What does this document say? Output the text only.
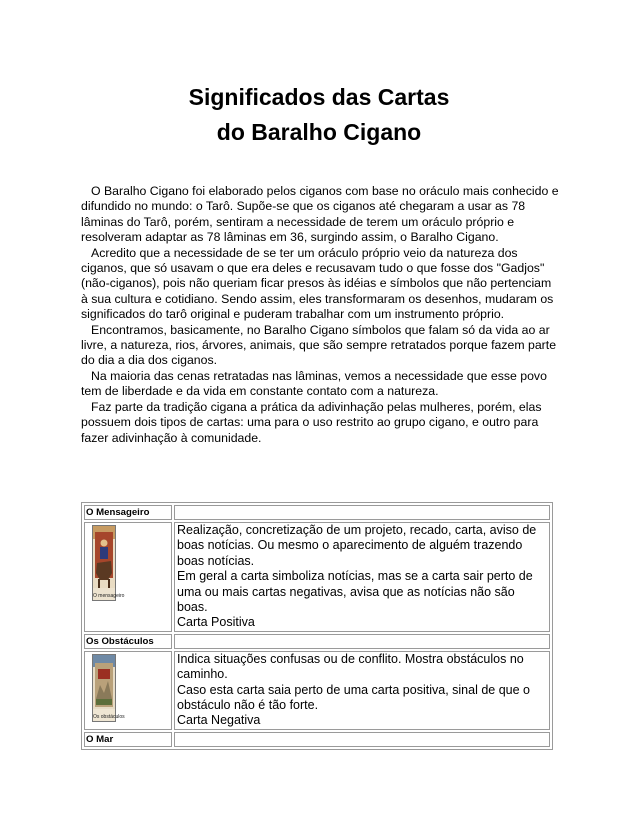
Significados das Cartas
do Baralho Cigano

O Baralho Cigano foi elaborado pelos ciganos com base no oráculo mais conhecido e difundido no mundo: o Tarô. Supõe-se que os ciganos até chegaram a usar as 78 lâminas do Tarô, porém, sentiram a necessidade de terem um oráculo próprio e resolveram adaptar as 78 lâminas em 36, surgindo assim, o Baralho Cigano.

Acredito que a necessidade de se ter um oráculo próprio veio da natureza dos ciganos, que só usavam o que era deles e recusavam tudo o que fosse dos "Gadjos" (não-ciganos), pois não queriam ficar presos às idéias e símbolos que não pertenciam à sua cultura e cotidiano. Sendo assim, eles transformaram os desenhos, mudaram os significados do tarô original e puderam trabalhar com um instrumento próprio.

Encontramos, basicamente, no Baralho Cigano símbolos que falam só da vida ao ar livre, a natureza, rios, árvores, animais, que são sempre retratados porque fazem parte do dia a dia dos ciganos.

Na maioria das cenas retratadas nas lâminas, vemos a necessidade que esse povo tem de liberdade e da vida em constante contato com a natureza.

Faz parte da tradição cigana a prática da adivinhação pelas mulheres, porém, elas possuem dois tipos de cartas: uma para o uso restrito ao grupo cigano, e outro para fazer adivinhação à comunidade.

O Mensageiro	

O mensageiro	Realização, concretização de um projeto, recado, carta, aviso de boas notícias. Ou mesmo o aparecimento de alguém trazendo boas notícias.
Em geral a carta simboliza notícias, mas se a carta sair perto de uma ou mais cartas negativas, avisa que as notícias não são boas.
Carta Positiva

Os Obstáculos	

Os obstáculos	Indica situações confusas ou de conflito. Mostra obstáculos no caminho.
Caso esta carta saia perto de uma carta positiva, sinal de que o obstáculo não é tão forte.
Carta Negativa

O Mar	
